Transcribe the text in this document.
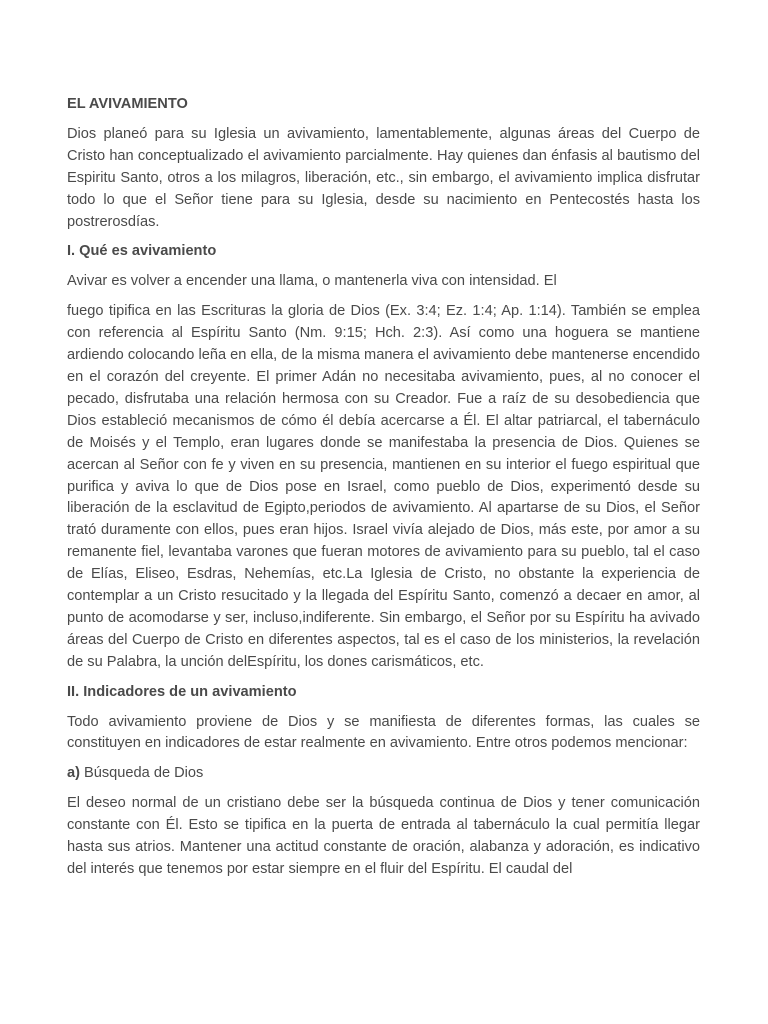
EL AVIVAMIENTO

Dios planeó para su Iglesia un avivamiento, lamentablemente, algunas áreas del Cuerpo de Cristo han conceptualizado el avivamiento parcialmente. Hay quienes dan énfasis al bautismo del Espiritu Santo, otros a los milagros, liberación, etc., sin embargo, el avivamiento implica disfrutar todo lo que el Señor tiene para su Iglesia, desde su nacimiento en Pentecostés hasta los postrerosdías.

I. Qué es avivamiento

Avivar es volver a encender una llama, o mantenerla viva con intensidad. El

fuego tipifica en las Escrituras la gloria de Dios (Ex. 3:4; Ez. 1:4; Ap. 1:14). También se emplea con referencia al Espíritu Santo (Nm. 9:15; Hch. 2:3). Así como una hoguera se mantiene ardiendo colocando leña en ella, de la misma manera el avivamiento debe mantenerse encendido en el corazón del creyente. El primer Adán no necesitaba avivamiento, pues, al no conocer el pecado, disfrutaba una relación hermosa con su Creador. Fue a raíz de su desobediencia que Dios estableció mecanismos de cómo él debía acercarse a Él. El altar patriarcal, el tabernáculo de Moisés y el Templo, eran lugares donde se manifestaba la presencia de Dios. Quienes se acercan al Señor con fe y viven en su presencia, mantienen en su interior el fuego espiritual que purifica y aviva lo que de Dios pose en Israel, como pueblo de Dios, experimentó desde su liberación de la esclavitud de Egipto,periodos de avivamiento. Al apartarse de su Dios, el Señor trató duramente con ellos, pues eran hijos. Israel vivía alejado de Dios, más este, por amor a su remanente fiel, levantaba varones que fueran motores de avivamiento para su pueblo, tal el caso de Elías, Eliseo, Esdras, Nehemías, etc.La Iglesia de Cristo, no obstante la experiencia de contemplar a un Cristo resucitado y la llegada del Espíritu Santo, comenzó a decaer en amor, al punto de acomodarse y ser, incluso,indiferente. Sin embargo, el Señor por su Espíritu ha avivado áreas del Cuerpo de Cristo en diferentes aspectos, tal es el caso de los ministerios, la revelación de su Palabra, la unción delEspíritu, los dones carismáticos, etc.

II. Indicadores de un avivamiento

Todo avivamiento proviene de Dios y se manifiesta de diferentes formas, las cuales se constituyen en indicadores de estar realmente en avivamiento. Entre otros podemos mencionar:

a) Búsqueda de Dios

El deseo normal de un cristiano debe ser la búsqueda continua de Dios y tener comunicación constante con Él. Esto se tipifica en la puerta de entrada al tabernáculo la cual permitía llegar hasta sus atrios. Mantener una actitud constante de oración, alabanza y adoración, es indicativo del interés que tenemos por estar siempre en el fluir del Espíritu. El caudal del
